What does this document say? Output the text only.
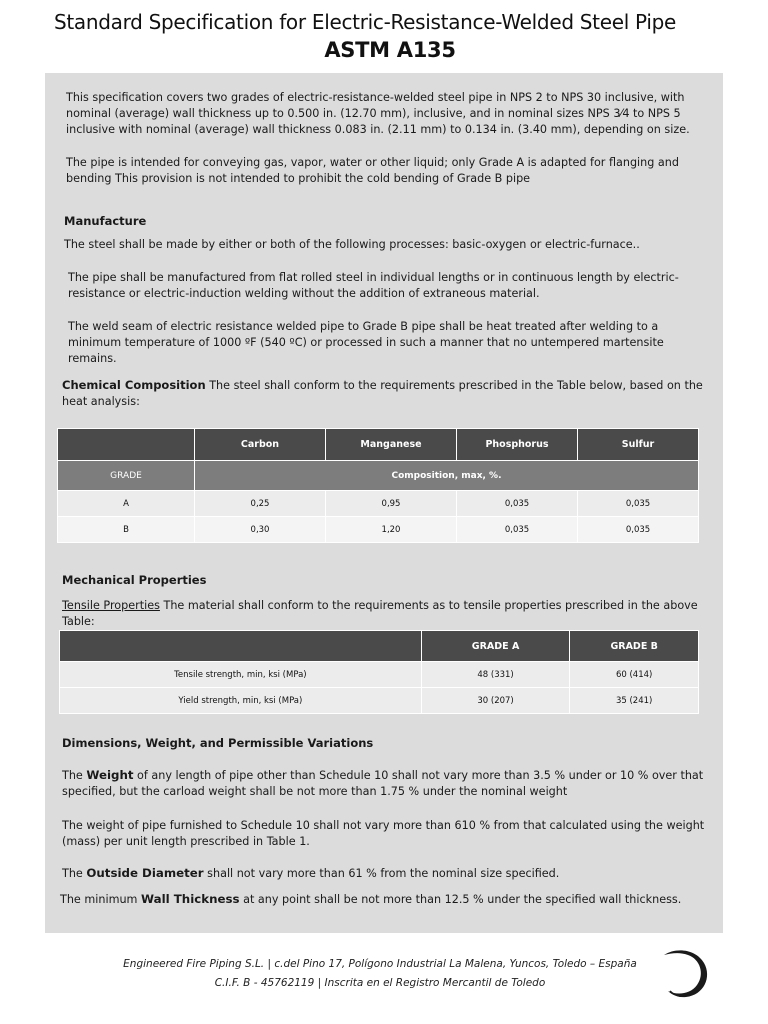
Standard Specification for Electric-Resistance-Welded Steel Pipe
ASTM A135
This specification covers two grades of electric-resistance-welded steel pipe in NPS 2 to NPS 30 inclusive, with nominal (average) wall thickness up to 0.500 in. (12.70 mm), inclusive, and in nominal sizes NPS 3⁄4 to NPS 5 inclusive with nominal (average) wall thickness 0.083 in. (2.11 mm) to 0.134 in. (3.40 mm), depending on size.
The pipe is intended for conveying gas, vapor, water or other liquid; only Grade A is adapted for flanging and bending This provision is not intended to prohibit the cold bending of Grade B pipe
Manufacture
The steel shall be made by either or both of the following processes: basic-oxygen or electric-furnace..
The pipe shall be manufactured from flat rolled steel in individual lengths or in continuous length by electric-resistance or electric-induction welding without the addition of extraneous material.
The weld seam of electric resistance welded pipe to Grade B pipe shall be heat treated after welding to a minimum temperature of 1000 ºF (540 ºC) or processed in such a manner that no untempered martensite remains.
Chemical Composition The steel shall conform to the requirements prescribed in the Table below, based on the heat analysis:
	Carbon	Manganese	Phosphorus	Sulfur
GRADE	Composition, max, %.			
A	0,25	0,95	0,035	0,035
B	0,30	1,20	0,035	0,035
Mechanical Properties
Tensile Properties The material shall conform to the requirements as to tensile properties prescribed in the above Table:
	GRADE A	GRADE B
Tensile strength, min, ksi (MPa)	48 (331)	60 (414)
Yield strength, min, ksi (MPa)	30 (207)	35 (241)
Dimensions, Weight, and Permissible Variations
The Weight of any length of pipe other than Schedule 10 shall not vary more than 3.5 % under or 10 % over that specified, but the carload weight shall be not more than 1.75 % under the nominal weight
The weight of pipe furnished to Schedule 10 shall not vary more than 610 % from that calculated using the weight (mass) per unit length prescribed in Table 1.
The Outside Diameter shall not vary more than 61 % from the nominal size specified.
The minimum Wall Thickness at any point shall be not more than 12.5 % under the specified wall thickness.
Engineered Fire Piping S.L. | c.del Pino 17, Polígono Industrial La Malena, Yuncos, Toledo – España
C.I.F. B - 45762119 | Inscrita en el Registro Mercantil de Toledo
